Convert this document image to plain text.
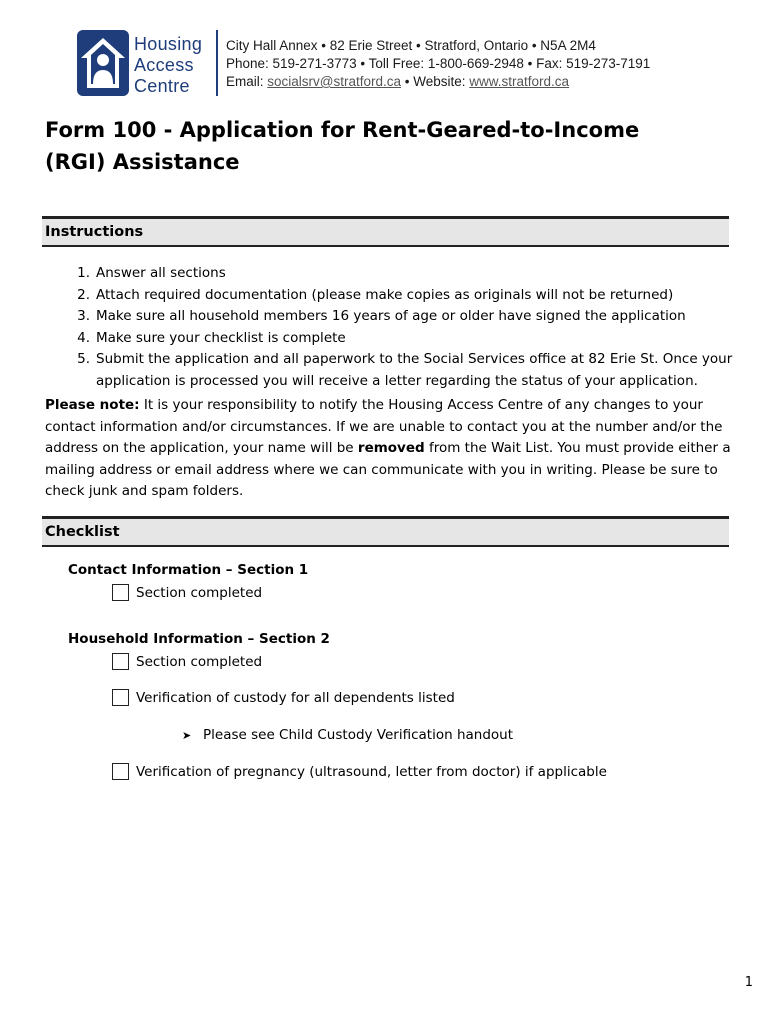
Housing
Access
Centre
City Hall Annex • 82 Erie Street • Stratford, Ontario • N5A 2M4
Phone: 519-271-3773 • Toll Free: 1-800-669-2948 • Fax: 519-273-7191
Email: socialsrv@stratford.ca • Website: www.stratford.ca
Form 100 - Application for Rent-Geared-to-Income
(RGI) Assistance
Instructions
1. Answer all sections
2. Attach required documentation (please make copies as originals will not be returned)
3. Make sure all household members 16 years of age or older have signed the application
4. Make sure your checklist is complete
5. Submit the application and all paperwork to the Social Services office at 82 Erie St. Once your application is processed you will receive a letter regarding the status of your application.
Please note: It is your responsibility to notify the Housing Access Centre of any changes to your contact information and/or circumstances. If we are unable to contact you at the number and/or the address on the application, your name will be removed from the Wait List. You must provide either a mailing address or email address where we can communicate with you in writing. Please be sure to check junk and spam folders.
Checklist
Contact Information – Section 1
Section completed
Household Information – Section 2
Section completed
Verification of custody for all dependents listed
➤ Please see Child Custody Verification handout
Verification of pregnancy (ultrasound, letter from doctor) if applicable
1
